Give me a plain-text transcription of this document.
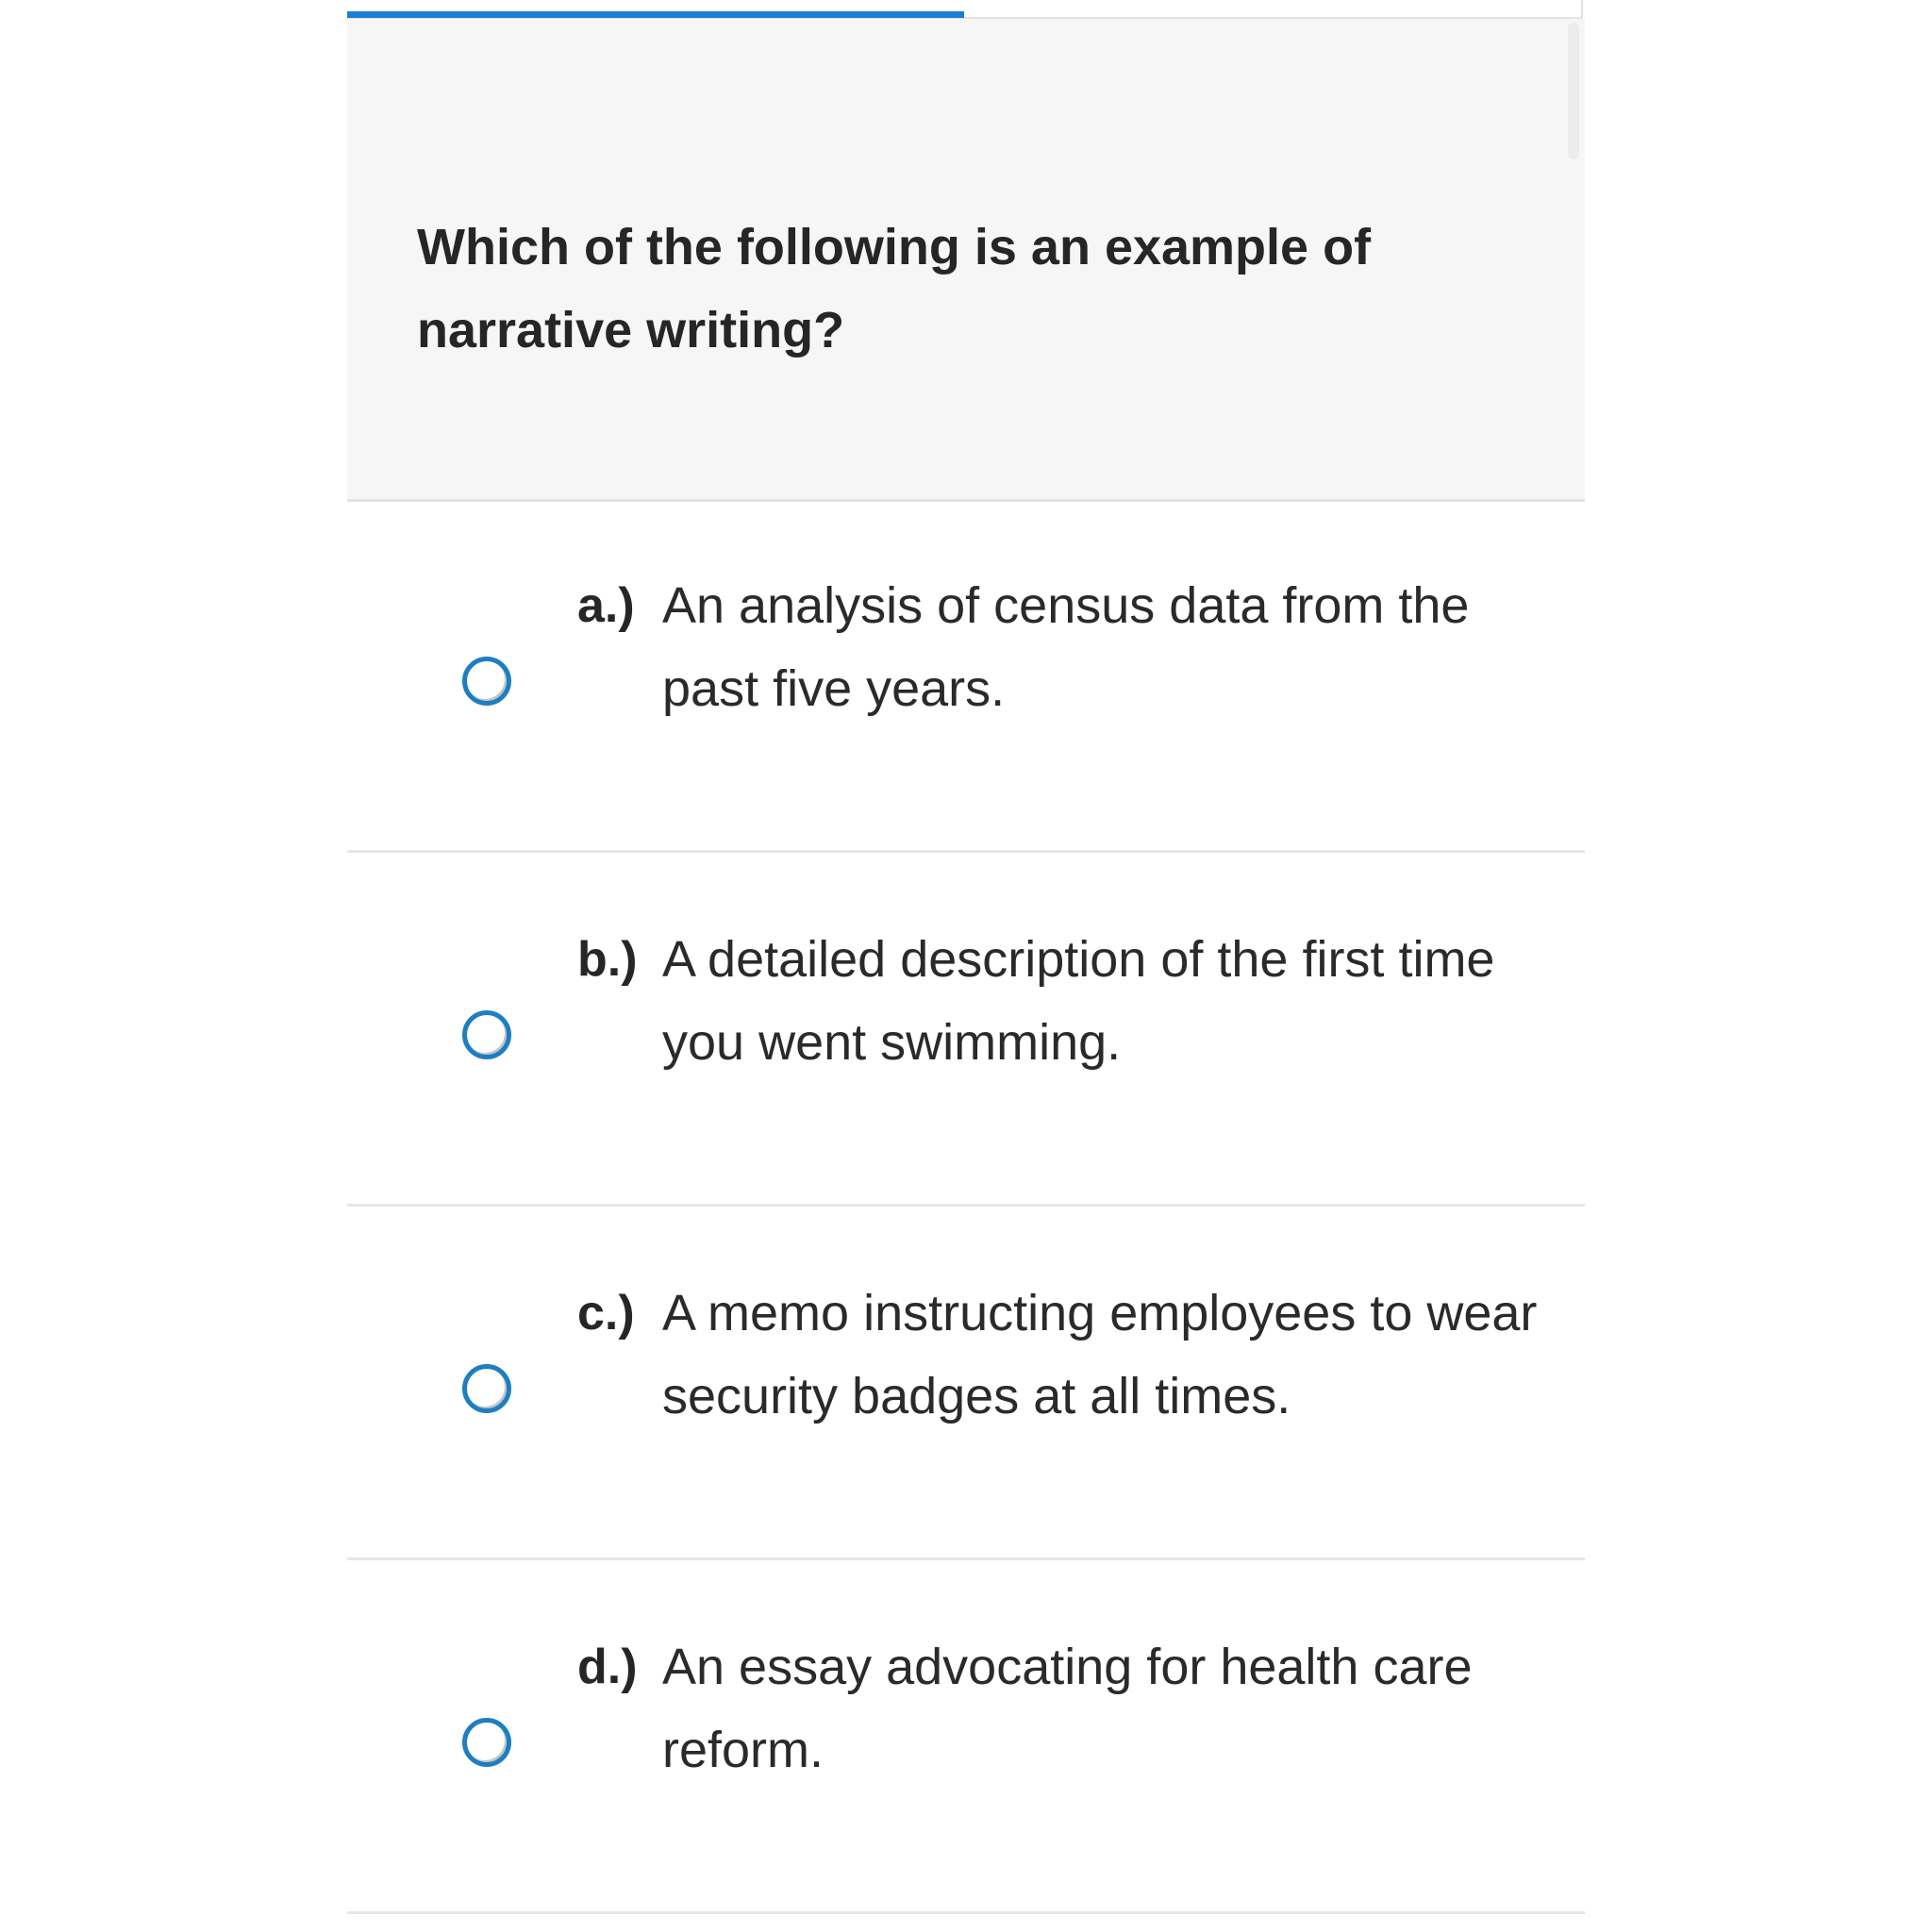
Which of the following is an example of narrative writing?

a.) An analysis of census data from the past five years.
b.) A detailed description of the first time you went swimming.
c.) A memo instructing employees to wear security badges at all times.
d.) An essay advocating for health care reform.
